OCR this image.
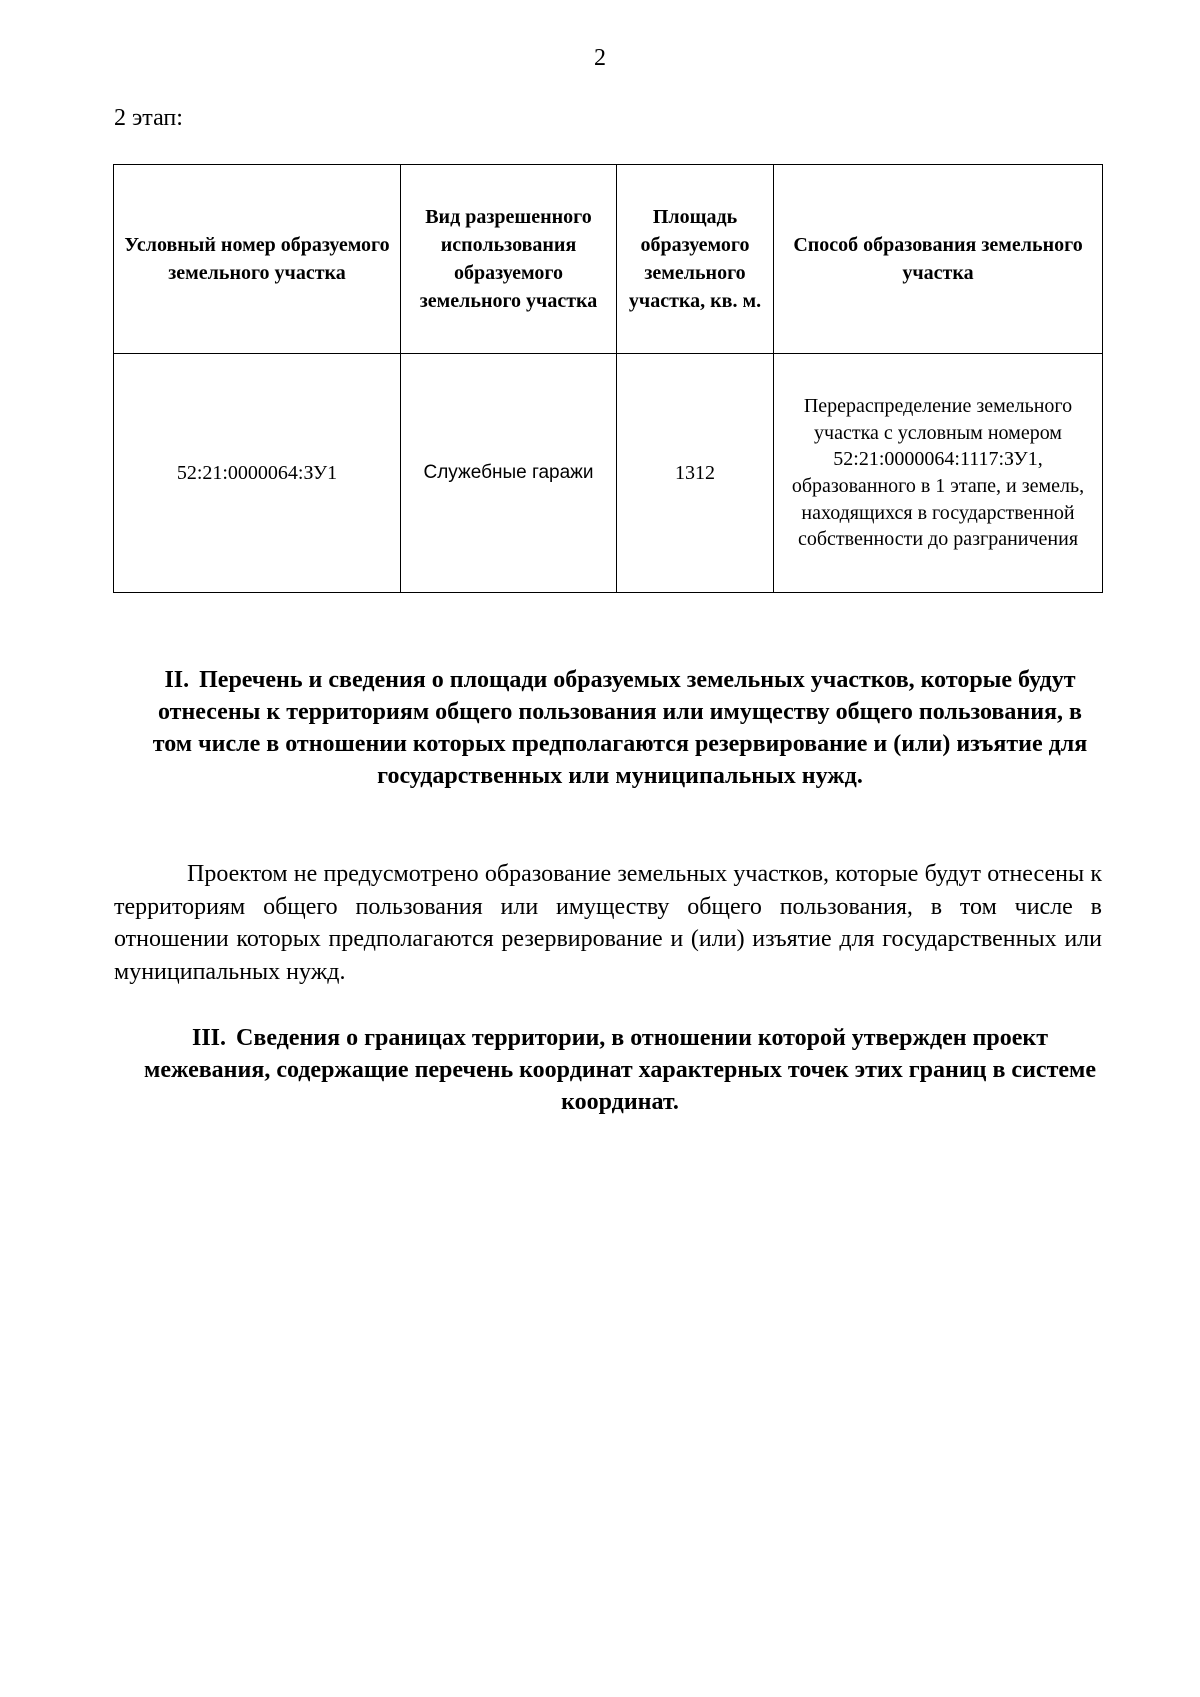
2
2 этап:
Условный номер образуемого земельного участка	Вид разрешенного использования образуемого земельного участка	Площадь образуемого земельного участка, кв. м.	Способ образования земельного участка
52:21:0000064:ЗУ1	Служебные гаражи	1312	Перераспределение земельного участка с условным номером 52:21:0000064:1117:ЗУ1, образованного в 1 этапе, и земель, находящихся в государственной собственности до разграничения
II. Перечень и сведения о площади образуемых земельных участков, которые будут отнесены к территориям общего пользования или имуществу общего пользования, в том числе в отношении которых предполагаются резервирование и (или) изъятие для государственных или муниципальных нужд.
Проектом не предусмотрено образование земельных участков, которые будут отнесены к территориям общего пользования или имуществу общего пользования, в том числе в отношении которых предполагаются резервирование и (или) изъятие для государственных или муниципальных нужд.
III. Сведения о границах территории, в отношении которой утвержден проект межевания, содержащие перечень координат характерных точек этих границ в системе координат.
